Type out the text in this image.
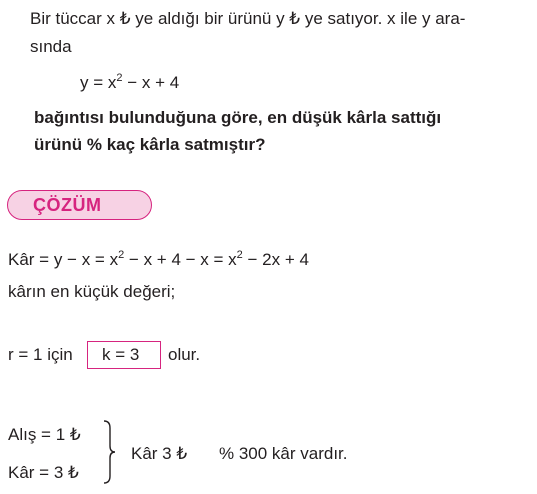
Bir tüccar x ₺ ye aldığı bir ürünü y ₺ ye satıyor. x ile y ara-
sında
$y = x^2 - x + 4$
bağıntısı bulunduğuna göre, en düşük kârla sattığı
ürünü % kaç kârla satmıştır?
ÇÖZÜM
Kâr = $y - x = x^2 - x + 4 - x = x^2 - 2x + 4$
kârın en küçük değeri;
r = 1 için k = 3 olur.
Alış = 1 ₺
Kâr = 3 ₺
Kâr 3 ₺ % 300 kâr vardır.
